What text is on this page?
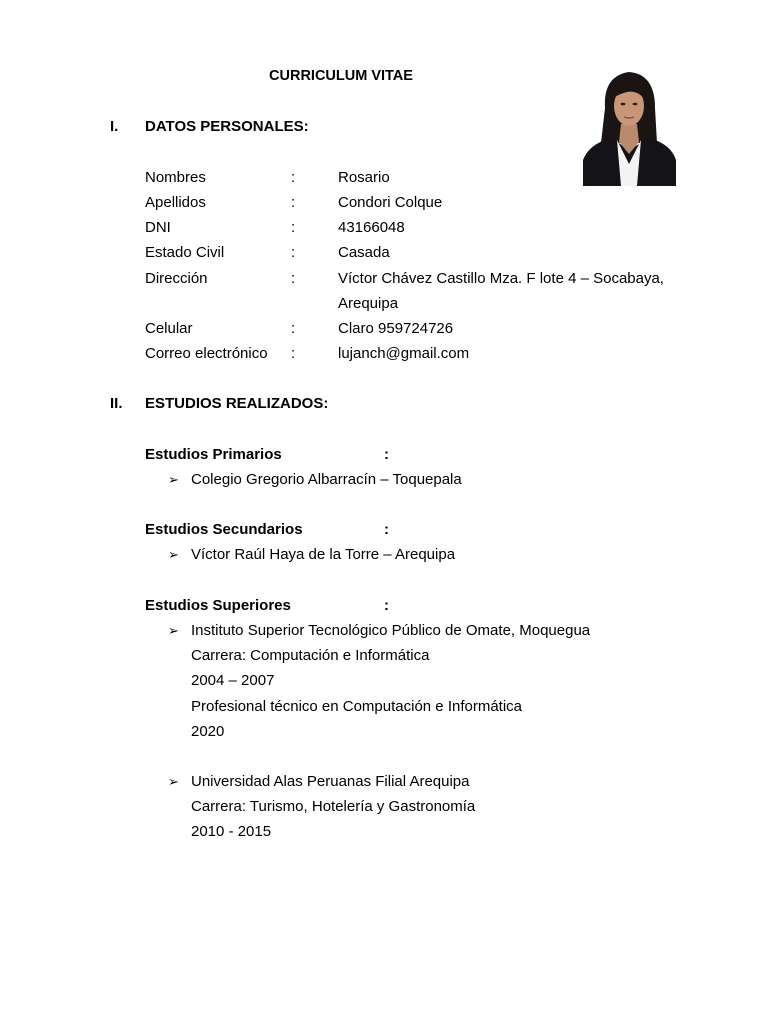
CURRICULUM VITAE
I. DATOS PERSONALES:
Nombres	:	Rosario
Apellidos	:	Condori Colque
DNI	:	43166048
Estado Civil	:	Casada
Dirección	:	Víctor Chávez Castillo Mza. F lote 4 – Socabaya,
Arequipa
Celular	:	Claro 959724726
Correo electrónico :	lujanch@gmail.com
II. ESTUDIOS REALIZADOS:
Estudios Primarios	:
➢ Colegio Gregorio Albarracín – Toquepala
Estudios Secundarios	:
➢ Víctor Raúl Haya de la Torre – Arequipa
Estudios Superiores	:
➢ Instituto Superior Tecnológico Público de Omate, Moquegua
Carrera: Computación e Informática
2004 – 2007
Profesional técnico en Computación e Informática
2020
➢ Universidad Alas Peruanas Filial Arequipa
Carrera: Turismo, Hotelería y Gastronomía
2010 - 2015
